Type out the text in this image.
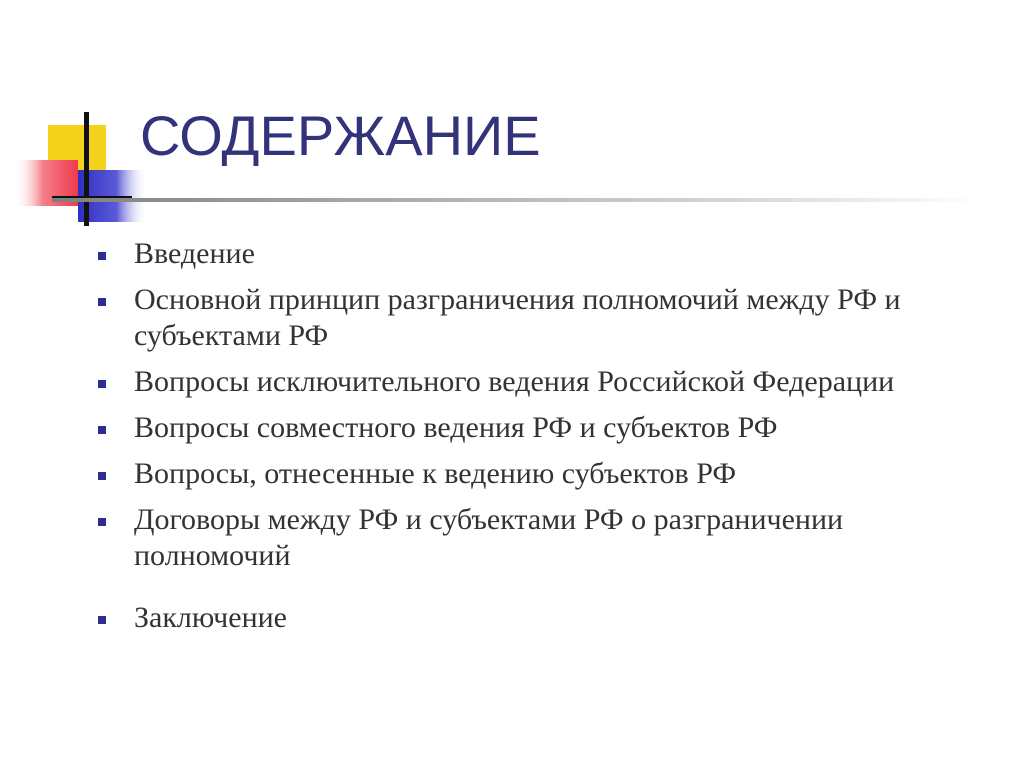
СОДЕРЖАНИЕ
Введение
Основной принцип разграничения полномочий между РФ и субъектами РФ
Вопросы исключительного ведения Российской Федерации
Вопросы совместного ведения РФ и субъектов РФ
Вопросы, отнесенные к ведению субъектов РФ
Договоры между РФ и субъектами РФ о разграничении полномочий
Заключение
